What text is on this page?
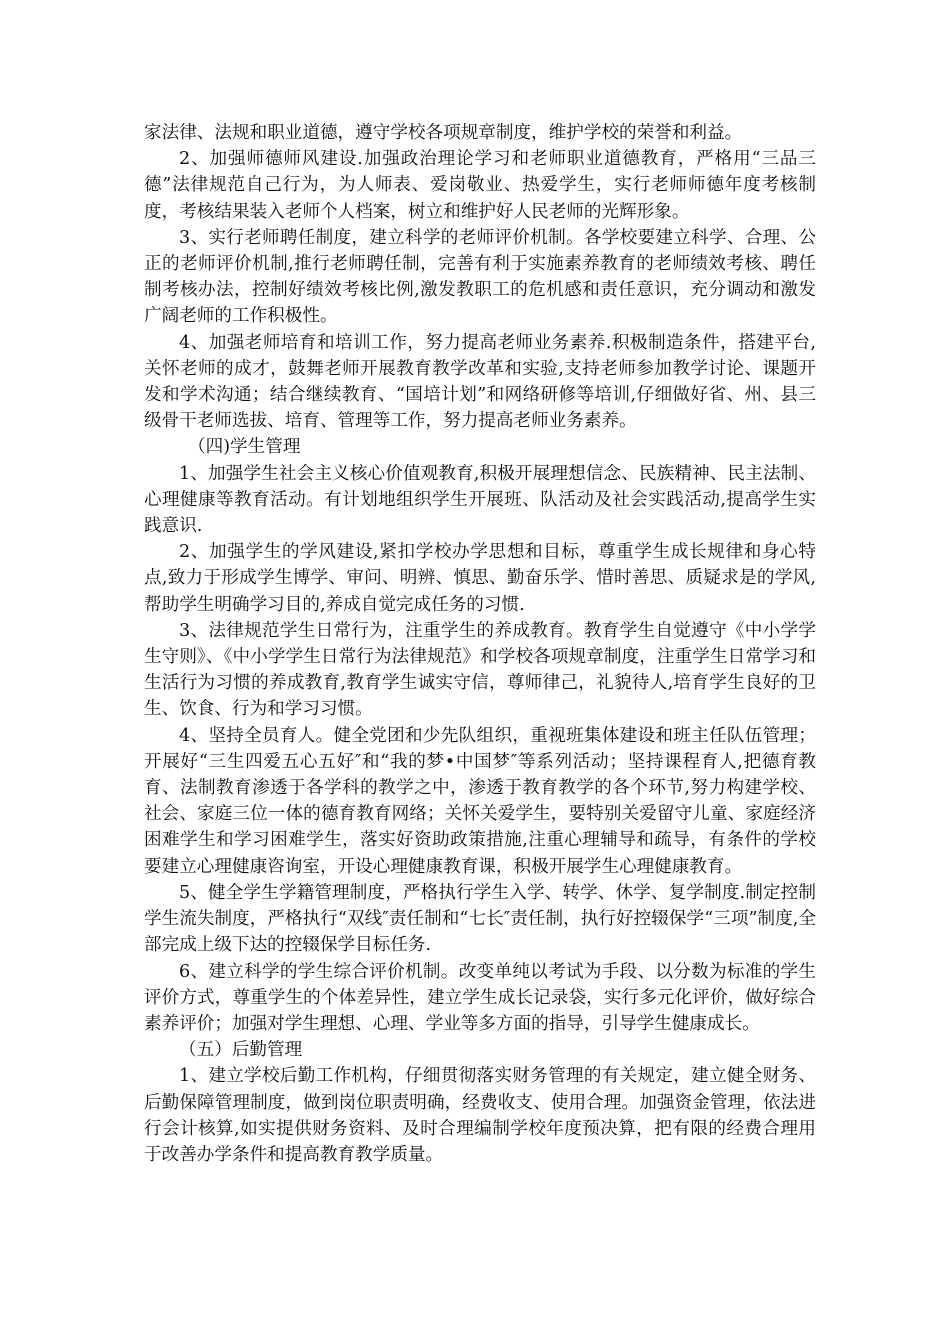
家法律、法规和职业道德，遵守学校各项规章制度，维护学校的荣誉和利益。

2、加强师德师风建设.加强政治理论学习和老师职业道德教育，严格用“三品三德”法律规范自己行为，为人师表、爱岗敬业、热爱学生，实行老师师德年度考核制度，考核结果装入老师个人档案，树立和维护好人民老师的光辉形象。

3、实行老师聘任制度，建立科学的老师评价机制。各学校要建立科学、合理、公正的老师评价机制,推行老师聘任制，完善有利于实施素养教育的老师绩效考核、聘任制考核办法，控制好绩效考核比例,激发教职工的危机感和责任意识，充分调动和激发广阔老师的工作积极性。

4、加强老师培育和培训工作，努力提高老师业务素养.积极制造条件，搭建平台,关怀老师的成才，鼓舞老师开展教育教学改革和实验,支持老师参加教学讨论、课题开发和学术沟通；结合继续教育、“国培计划”和网络研修等培训,仔细做好省、州、县三级骨干老师选拔、培育、管理等工作，努力提高老师业务素养。

（四)学生管理

1、加强学生社会主义核心价值观教育,积极开展理想信念、民族精神、民主法制、心理健康等教育活动。有计划地组织学生开展班、队活动及社会实践活动,提高学生实践意识.

2、加强学生的学风建设,紧扣学校办学思想和目标，尊重学生成长规律和身心特点,致力于形成学生博学、审问、明辨、慎思、勤奋乐学、惜时善思、质疑求是的学风,帮助学生明确学习目的,养成自觉完成任务的习惯.

3、法律规范学生日常行为，注重学生的养成教育。教育学生自觉遵守《中小学学生守则》、《中小学学生日常行为法律规范》和学校各项规章制度，注重学生日常学习和生活行为习惯的养成教育,教育学生诚实守信，尊师律己，礼貌待人,培育学生良好的卫生、饮食、行为和学习习惯。

4、坚持全员育人。健全党团和少先队组织，重视班集体建设和班主任队伍管理；开展好“三生四爱五心五好″和“我的梦•中国梦″等系列活动；坚持课程育人,把德育教育、法制教育渗透于各学科的教学之中，渗透于教育教学的各个环节,努力构建学校、社会、家庭三位一体的德育教育网络；关怀关爱学生，要特别关爱留守儿童、家庭经济困难学生和学习困难学生，落实好资助政策措施,注重心理辅导和疏导，有条件的学校要建立心理健康咨询室，开设心理健康教育课，积极开展学生心理健康教育。

5、健全学生学籍管理制度，严格执行学生入学、转学、休学、复学制度.制定控制学生流失制度，严格执行“双线″责任制和“七长″责任制，执行好控辍保学“三项”制度,全部完成上级下达的控辍保学目标任务.

6、建立科学的学生综合评价机制。改变单纯以考试为手段、以分数为标准的学生评价方式，尊重学生的个体差异性，建立学生成长记录袋，实行多元化评价，做好综合素养评价；加强对学生理想、心理、学业等多方面的指导，引导学生健康成长。

（五）后勤管理

1、建立学校后勤工作机构，仔细贯彻落实财务管理的有关规定，建立健全财务、后勤保障管理制度，做到岗位职责明确，经费收支、使用合理。加强资金管理，依法进行会计核算,如实提供财务资料、及时合理编制学校年度预决算，把有限的经费合理用于改善办学条件和提高教育教学质量。
